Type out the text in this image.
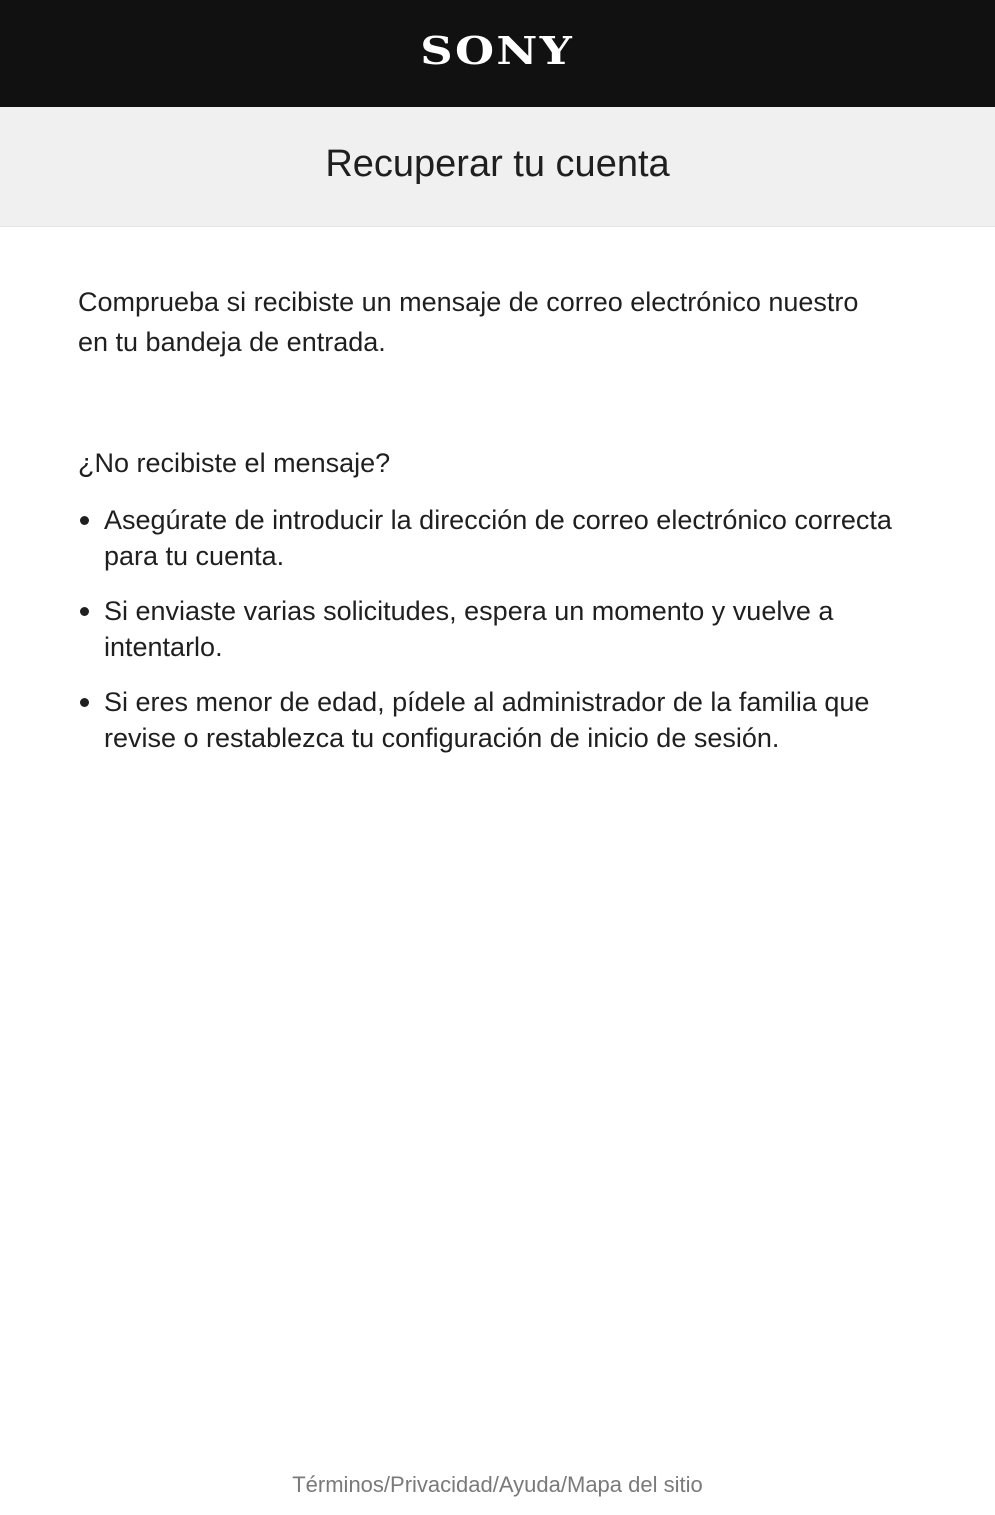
SONY
Recuperar tu cuenta

Comprueba si recibiste un mensaje de correo electrónico nuestro en tu bandeja de entrada.

¿No recibiste el mensaje?

Asegúrate de introducir la dirección de correo electrónico correcta para tu cuenta.
Si enviaste varias solicitudes, espera un momento y vuelve a intentarlo.
Si eres menor de edad, pídele al administrador de la familia que revise o restablezca tu configuración de inicio de sesión.
Términos/Privacidad/Ayuda/Mapa del sitio
